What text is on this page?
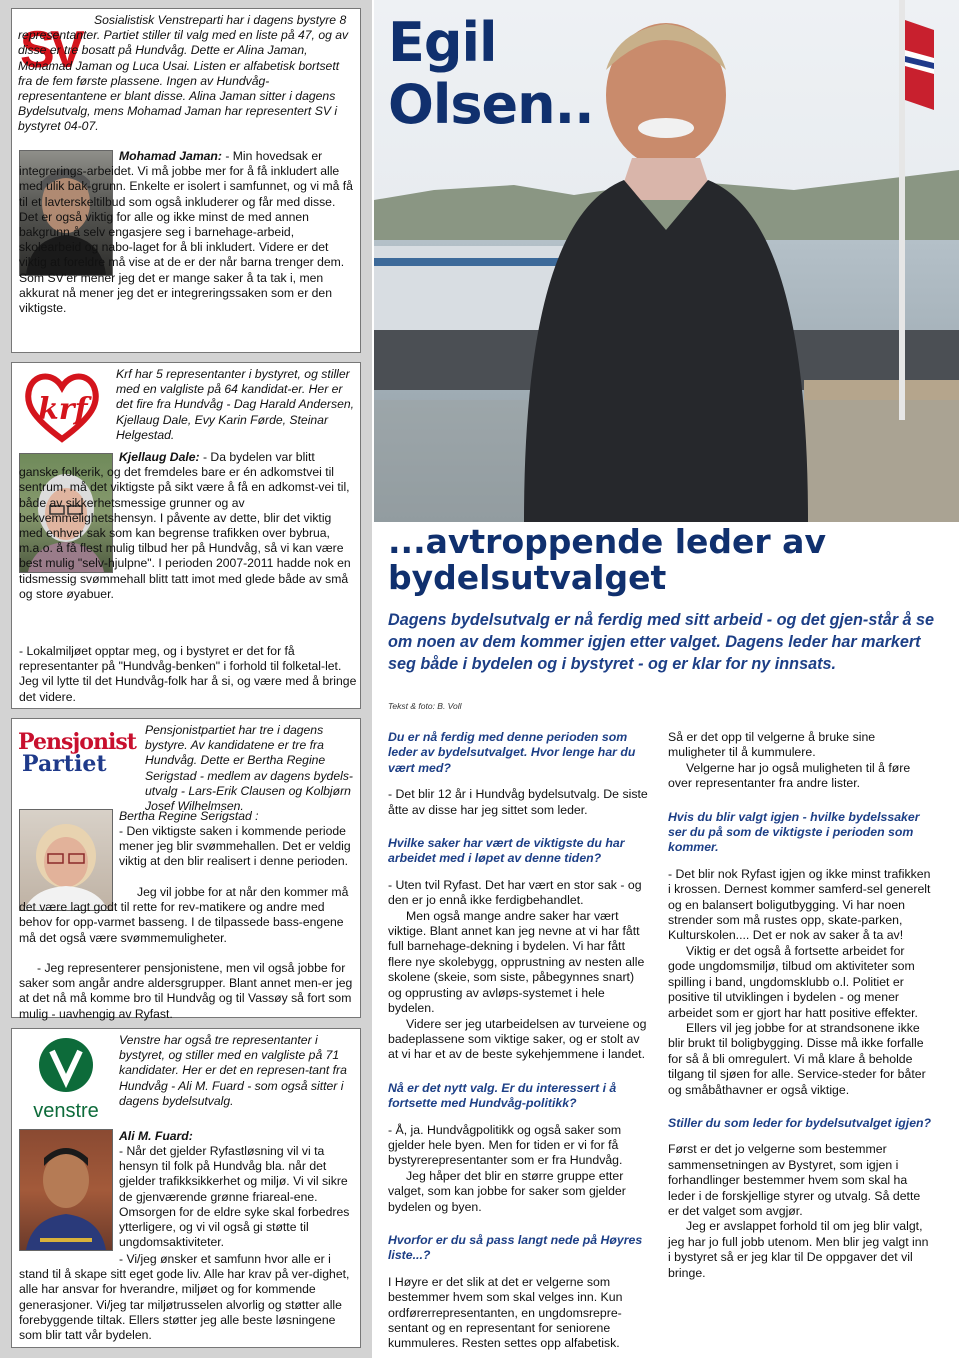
S
V

Sosialistisk Venstreparti har i dagens bystyre 8 representanter. Partiet stiller til valg med en liste på 47, og av disse er tre bosatt på Hundvåg. Dette er Alina Jaman, Mohamad Jaman og Luca Usai. Listen er alfabetisk bortsett fra de fem første plassene. Ingen av Hundvåg-representantene er blant disse. Alina Jaman sitter i dagens Bydelsutvalg, mens Mohamad Jaman har representert SV i bystyret 04-07.

Mohamad Jaman: - Min hovedsak er integrerings-arbeidet. Vi må jobbe mer for å få inkludert alle med ulik bak-grunn. Enkelte er isolert i samfunnet, og vi må få til et lavterskeltilbud som også inkluderer og får med disse. Det er også viktig for alle og ikke minst de med annen bakgrunn å selv engasjere seg i barnehage-arbeid, skolearbeid og nabo-laget for å bli inkludert. Videre er det viktig at foreldre må vise at de er der når barna trenger dem. Som SV’er mener jeg det er mange saker å ta tak i, men akkurat nå mener jeg det er integreringssaken som er den viktigste.

krf

Krf har 5 representanter i bystyret, og stiller med en valgliste på 64 kandidat-er. Her er det fire fra Hundvåg - Dag Harald Andersen, Kjellaug Dale, Evy Karin Førde, Steinar Helgestad.

Kjellaug Dale: - Da bydelen var blitt ganske folkerik, og det fremdeles bare er én adkomstvei til sentrum, må det viktigste på sikt være å få en adkomst-vei til, både av sikkerhetsmessige grunner og av bekvemmelighetshensyn. I påvente av dette, blir det viktig med enhver sak som kan begrense trafikken over bybrua, m.a.o. å få flest mulig tilbud her på Hundvåg, så vi kan være best mulig "selv-hjulpne". I perioden 2007-2011 hadde nok en tidsmessig svømmehall blitt tatt imot med glede både av små og store øyabuer.

- Lokalmiljøet opptar meg, og i bystyret er det for få representanter på "Hundvåg-benken" i forhold til folketal-let. Jeg vil lytte til det Hundvåg-folk har å si, og være med å bringe det videre.

Pensjonist
Partiet

Pensjonistpartiet har tre i dagens bystyre. Av kandidatene er tre fra Hundvåg. Dette er Bertha Regine Serigstad - medlem av dagens bydels-utvalg - Lars-Erik Clausen og Kolbjørn Josef Wilhelmsen.

Bertha Regine Serigstad :

- Den viktigste saken i kommende periode mener jeg blir svømmehallen. Det er veldig viktig at den blir realisert i denne perioden.

Jeg vil jobbe for at når den kommer må det være lagt godt til rette for rev-matikere og andre med behov for opp-varmet basseng. I de tilpassede bass-engene må det også være svømmemuligheter.

- Jeg representerer pensjonistene, men vil også jobbe for saker som angår andre aldersgrupper. Blant annet men-er jeg at det nå må komme bro til Hundvåg og til Vassøy så fort som mulig - uavhengig av Ryfast.

venstre

Venstre har også tre representanter i bystyret, og stiller med en valgliste på 71 kandidater. Her er det en represen-tant fra Hundvåg - Ali M. Fuard - som også sitter i dagens bydelsutvalg.

Ali M. Fuard:

- Når det gjelder Ryfastløsning vil vi ta hensyn til folk på Hundvåg bla. når det gjelder trafikksikkerhet og miljø. Vi vil sikre de gjenværende grønne friareal-ene. Omsorgen for de eldre syke skal forbedres ytterligere, og vi vil også gi støtte til ungdomsaktiviteter.

- Vi/jeg ønsker et samfunn hvor alle er i stand til å skape sitt eget gode liv. Alle har krav på ver-dighet, alle har ansvar for hverandre, miljøet og for kommende generasjoner. Vi/jeg tar miljøtrusselen alvorlig og støtter alle forebyggende tiltak. Ellers støtter jeg alle beste løsningene som blir tatt vår bydelen.

Egil
Olsen..
...avtroppende leder av bydelsutvalget
Dagens bydelsutvalg er nå ferdig med sitt arbeid - og det gjen-står å se om noen av dem kommer igjen etter valget. Dagens leder har markert seg både i bydelen og i bystyret - og er klar for ny innsats.
Tekst & foto: B. Voll

Du er nå ferdig med denne perioden som leder av bydelsutvalget. Hvor lenge har du vært med?

- Det blir 12 år i Hundvåg bydelsutvalg. De siste åtte av disse har jeg sittet som leder.

Hvilke saker har vært de viktigste du har arbeidet med i løpet av denne tiden?

- Uten tvil Ryfast. Det har vært en stor sak - og den er jo ennå ikke ferdigbehandlet.

Men også mange andre saker har vært viktige. Blant annet kan jeg nevne at vi har fått full barnehage-dekning i bydelen. Vi har fått flere nye skolebygg, opprustning av nesten alle skolene (skeie, som siste, påbegynnes snart) og opprusting av avløps-systemet i hele bydelen.

Videre ser jeg utarbeidelsen av turveiene og badeplassene som viktige saker, og er stolt av at vi har et av de beste sykehjemmene i landet.

Nå er det nytt valg. Er du interessert i å fortsette med Hundvåg-politikk?

- Å, ja. Hundvågpolitikk og også saker som gjelder hele byen. Men for tiden er vi for få bystyrerepresentanter som er fra Hundvåg.

Jeg håper det blir en større gruppe etter valget, som kan jobbe for saker som gjelder bydelen og byen.

Hvorfor er du så pass langt nede på Høyres liste...?

I Høyre er det slik at det er velgerne som bestemmer hvem som skal velges inn. Kun ordførerrepresentanten, en ungdomsrepre-sentant og en representant for seniorene kummuleres. Resten settes opp alfabetisk.

Så er det opp til velgerne å bruke sine muligheter til å kummulere.

Velgerne har jo også muligheten til å føre over representanter fra andre lister.

Hvis du blir valgt igjen - hvilke bydelssaker ser du på som de viktigste i perioden som kommer.

- Det blir nok Ryfast igjen og ikke minst trafikken i krossen. Dernest kommer samferd-sel generelt og en balansert boligutbygging. Vi har noen strender som må rustes opp, skate-parken, Kulturskolen.... Det er nok av saker å ta av!

Viktig er det også å fortsette arbeidet for gode ungdomsmiljø, tilbud om aktiviteter som spilling i band, ungdomsklubb o.l. Politiet er positive til utviklingen i bydelen - og mener arbeidet som er gjort har hatt positive effekter.

Ellers vil jeg jobbe for at strandsonene ikke blir brukt til boligbygging. Disse må ikke forfalle for så å bli omregulert. Vi må klare å beholde tilgang til sjøen for alle. Service-steder for båter og småbåthavner er også viktige.

Stiller du som leder for bydelsutvalget igjen?

Først er det jo velgerne som bestemmer sammensetningen av Bystyret, som igjen i forhandlinger bestemmer hvem som skal ha leder i de forskjellige styrer og utvalg. Så dette er det valget som avgjør.

Jeg er avslappet forhold til om jeg blir valgt, jeg har jo full jobb utenom. Men blir jeg valgt inn i bystyret så er jeg klar til De oppgaver det vil bringe.
